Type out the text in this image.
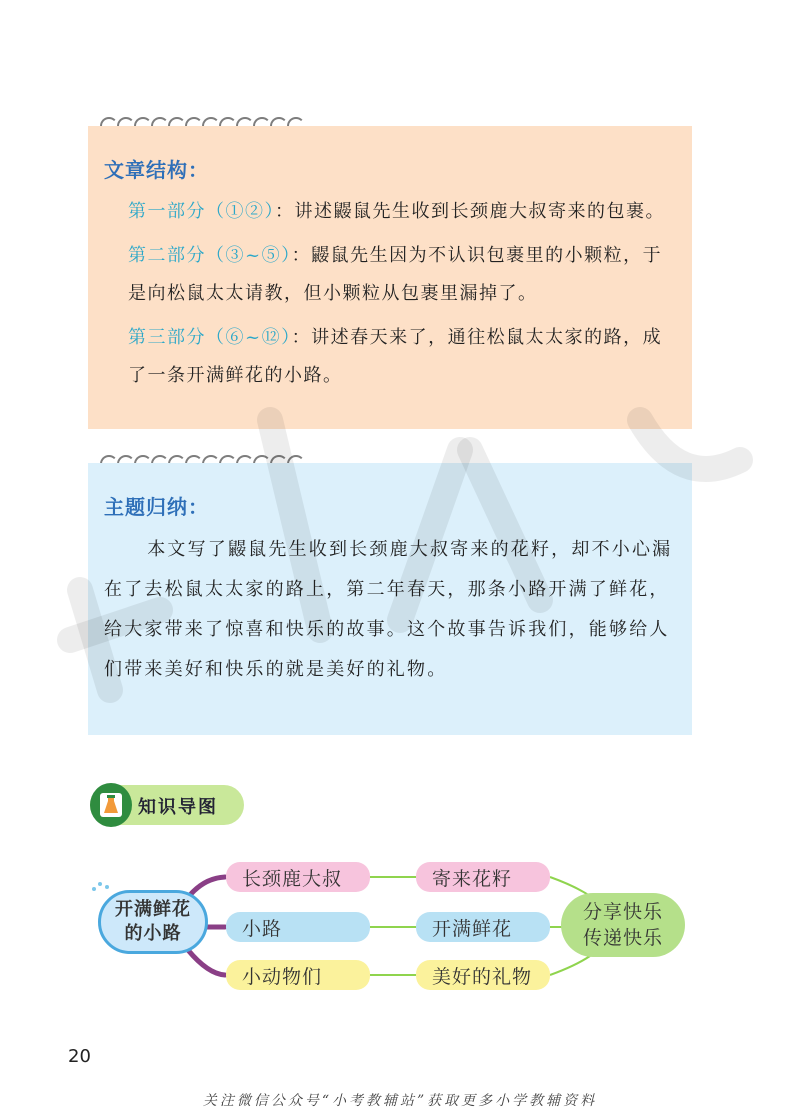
文章结构：
第一部分（①②）：讲述鼹鼠先生收到长颈鹿大叔寄来的包裹。
第二部分（③~⑤）：鼹鼠先生因为不认识包裹里的小颗粒，于是向松鼠太太请教，但小颗粒从包裹里漏掉了。
第三部分（⑥~⑫）：讲述春天来了，通往松鼠太太家的路，成了一条开满鲜花的小路。
主题归纳：
本文写了鼹鼠先生收到长颈鹿大叔寄来的花籽，却不小心漏在了去松鼠太太家的路上，第二年春天，那条小路开满了鲜花，给大家带来了惊喜和快乐的故事。这个故事告诉我们，能够给人们带来美好和快乐的就是美好的礼物。
知识导图
开满鲜花的小路
长颈鹿大叔
小路
小动物们
寄来花籽
开满鲜花
美好的礼物
分享快乐传递快乐
20
关注微信公众号“小考教辅站”获取更多小学教辅资料
